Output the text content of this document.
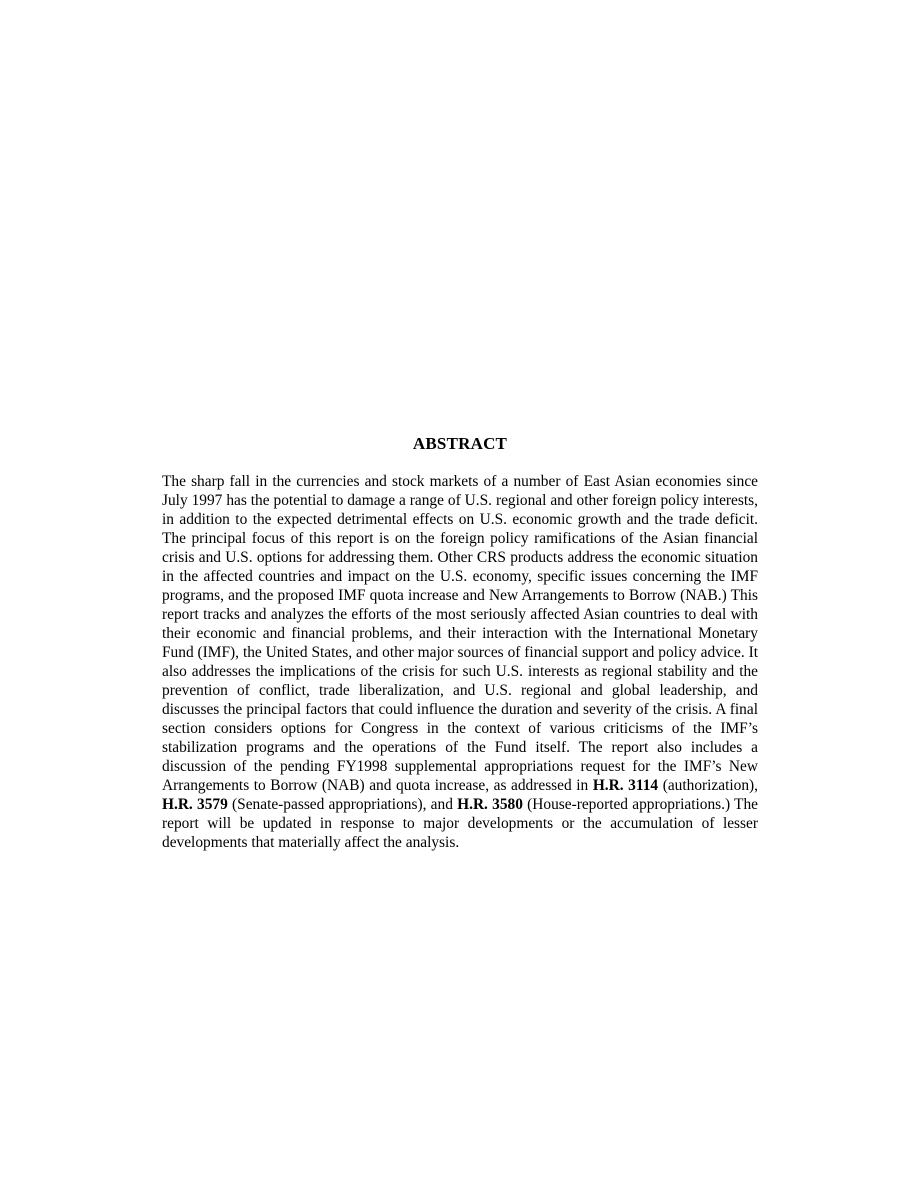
ABSTRACT

The sharp fall in the currencies and stock markets of a number of East Asian economies since July 1997 has the potential to damage a range of U.S. regional and other foreign policy interests, in addition to the expected detrimental effects on U.S. economic growth and the trade deficit. The principal focus of this report is on the foreign policy ramifications of the Asian financial crisis and U.S. options for addressing them. Other CRS products address the economic situation in the affected countries and impact on the U.S. economy, specific issues concerning the IMF programs, and the proposed IMF quota increase and New Arrangements to Borrow (NAB.) This report tracks and analyzes the efforts of the most seriously affected Asian countries to deal with their economic and financial problems, and their interaction with the International Monetary Fund (IMF), the United States, and other major sources of financial support and policy advice. It also addresses the implications of the crisis for such U.S. interests as regional stability and the prevention of conflict, trade liberalization, and U.S. regional and global leadership, and discusses the principal factors that could influence the duration and severity of the crisis. A final section considers options for Congress in the context of various criticisms of the IMF’s stabilization programs and the operations of the Fund itself. The report also includes a discussion of the pending FY1998 supplemental appropriations request for the IMF’s New Arrangements to Borrow (NAB) and quota increase, as addressed in H.R. 3114 (authorization), H.R. 3579 (Senate-passed appropriations), and H.R. 3580 (House-reported appropriations.) The report will be updated in response to major developments or the accumulation of lesser developments that materially affect the analysis.
